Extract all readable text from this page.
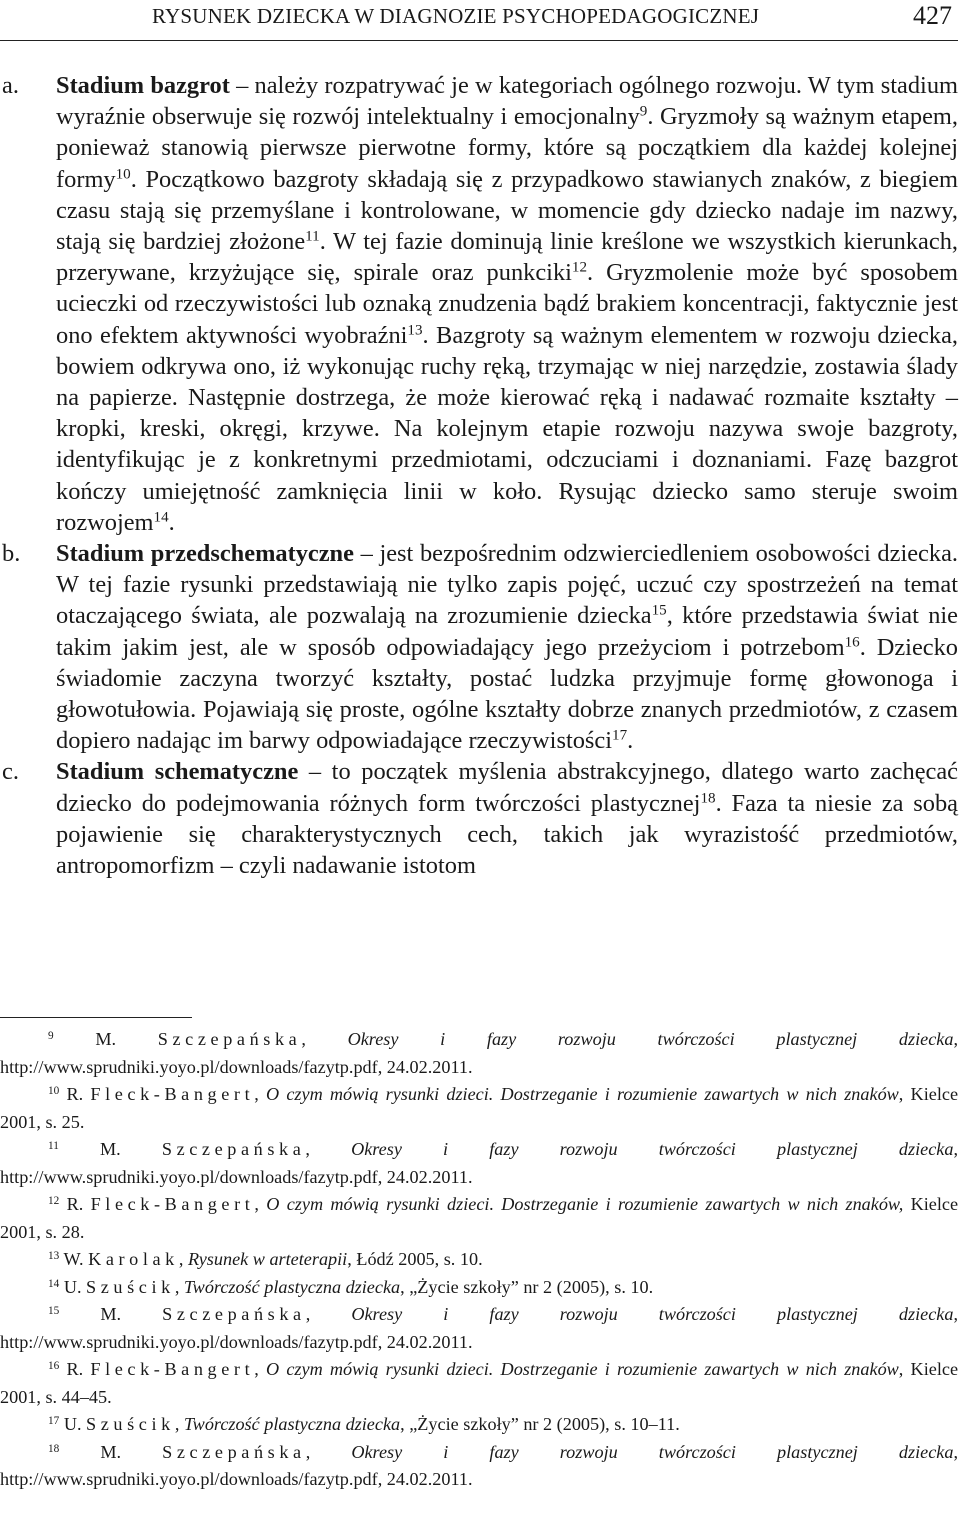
RYSUNEK DZIECKA W DIAGNOZIE PSYCHOPEDAGOGICZNEJ	427
a. Stadium bazgrot – należy rozpatrywać je w kategoriach ogólnego rozwoju. W tym stadium wyraźnie obserwuje się rozwój intelektualny i emocjonalny$^9$. Gryzmoły są ważnym etapem, ponieważ stanowią pierwsze pierwotne formy, które są początkiem dla każdej kolejnej formy$^{10}$. Początkowo bazgroty składają się z przypadkowo stawianych znaków, z biegiem czasu stają się przemyślane i kontrolowane, w momencie gdy dziecko nadaje im nazwy, stają się bardziej złożone$^{11}$. W tej fazie dominują linie kreślone we wszystkich kierunkach, przerywane, krzyżujące się, spirale oraz punkciki$^{12}$. Gryzmolenie może być sposobem ucieczki od rzeczywistości lub oznaką znudzenia bądź brakiem koncentracji, faktycznie jest ono efektem aktywności wyobraźni$^{13}$. Bazgroty są ważnym elementem w rozwoju dziecka, bowiem odkrywa ono, iż wykonując ruchy ręką, trzymając w niej narzędzie, zostawia ślady na papierze. Następnie dostrzega, że może kierować ręką i nadawać rozmaite kształty – kropki, kreski, okręgi, krzywe. Na kolejnym etapie rozwoju nazywa swoje bazgroty, identyfikując je z konkretnymi przedmiotami, odczuciami i doznaniami. Fazę bazgrot kończy umiejętność zamknięcia linii w koło. Rysując dziecko samo steruje swoim rozwojem$^{14}$.

b. Stadium przedschematyczne – jest bezpośrednim odzwierciedleniem osobowości dziecka. W tej fazie rysunki przedstawiają nie tylko zapis pojęć, uczuć czy spostrzeżeń na temat otaczającego świata, ale pozwalają na zrozumienie dziecka$^{15}$, które przedstawia świat nie takim jakim jest, ale w sposób odpowiadający jego przeżyciom i potrzebom$^{16}$. Dziecko świadomie zaczyna tworzyć kształty, postać ludzka przyjmuje formę głowonoga i głowotułowia. Pojawiają się proste, ogólne kształty dobrze znanych przedmiotów, z czasem dopiero nadając im barwy odpowiadające rzeczywistości$^{17}$.

c. Stadium schematyczne – to początek myślenia abstrakcyjnego, dlatego warto zachęcać dziecko do podejmowania różnych form twórczości plastycznej$^{18}$. Faza ta niesie za sobą pojawienie się charakterystycznych cech, takich jak wyrazistość przedmiotów, antropomorfizm – czyli nadawanie istotom

$^9$ M. Szczepańska, Okresy i fazy rozwoju twórczości plastycznej dziecka, http://www.sprudniki.yoyo.pl/downloads/fazytp.pdf, 24.02.2011.

$^{10}$ R. Fleck-Bangert, O czym mówią rysunki dzieci. Dostrzeganie i rozumienie zawartych w nich znaków, Kielce 2001, s. 25.

$^{11}$ M. Szczepańska, Okresy i fazy rozwoju twórczości plastycznej dziecka, http://www.sprudniki.yoyo.pl/downloads/fazytp.pdf, 24.02.2011.

$^{12}$ R. Fleck-Bangert, O czym mówią rysunki dzieci. Dostrzeganie i rozumienie zawartych w nich znaków, Kielce 2001, s. 28.

$^{13}$ W. Karolak, Rysunek w arteterapii, Łódź 2005, s. 10.

$^{14}$ U. Szuścik, Twórczość plastyczna dziecka, „Życie szkoły” nr 2 (2005), s. 10.

$^{15}$ M. Szczepańska, Okresy i fazy rozwoju twórczości plastycznej dziecka, http://www.sprudniki.yoyo.pl/downloads/fazytp.pdf, 24.02.2011.

$^{16}$ R. Fleck-Bangert, O czym mówią rysunki dzieci. Dostrzeganie i rozumienie zawartych w nich znaków, Kielce 2001, s. 44–45.

$^{17}$ U. Szuścik, Twórczość plastyczna dziecka, „Życie szkoły” nr 2 (2005), s. 10–11.

$^{18}$ M. Szczepańska, Okresy i fazy rozwoju twórczości plastycznej dziecka, http://www.sprudniki.yoyo.pl/downloads/fazytp.pdf, 24.02.2011.
